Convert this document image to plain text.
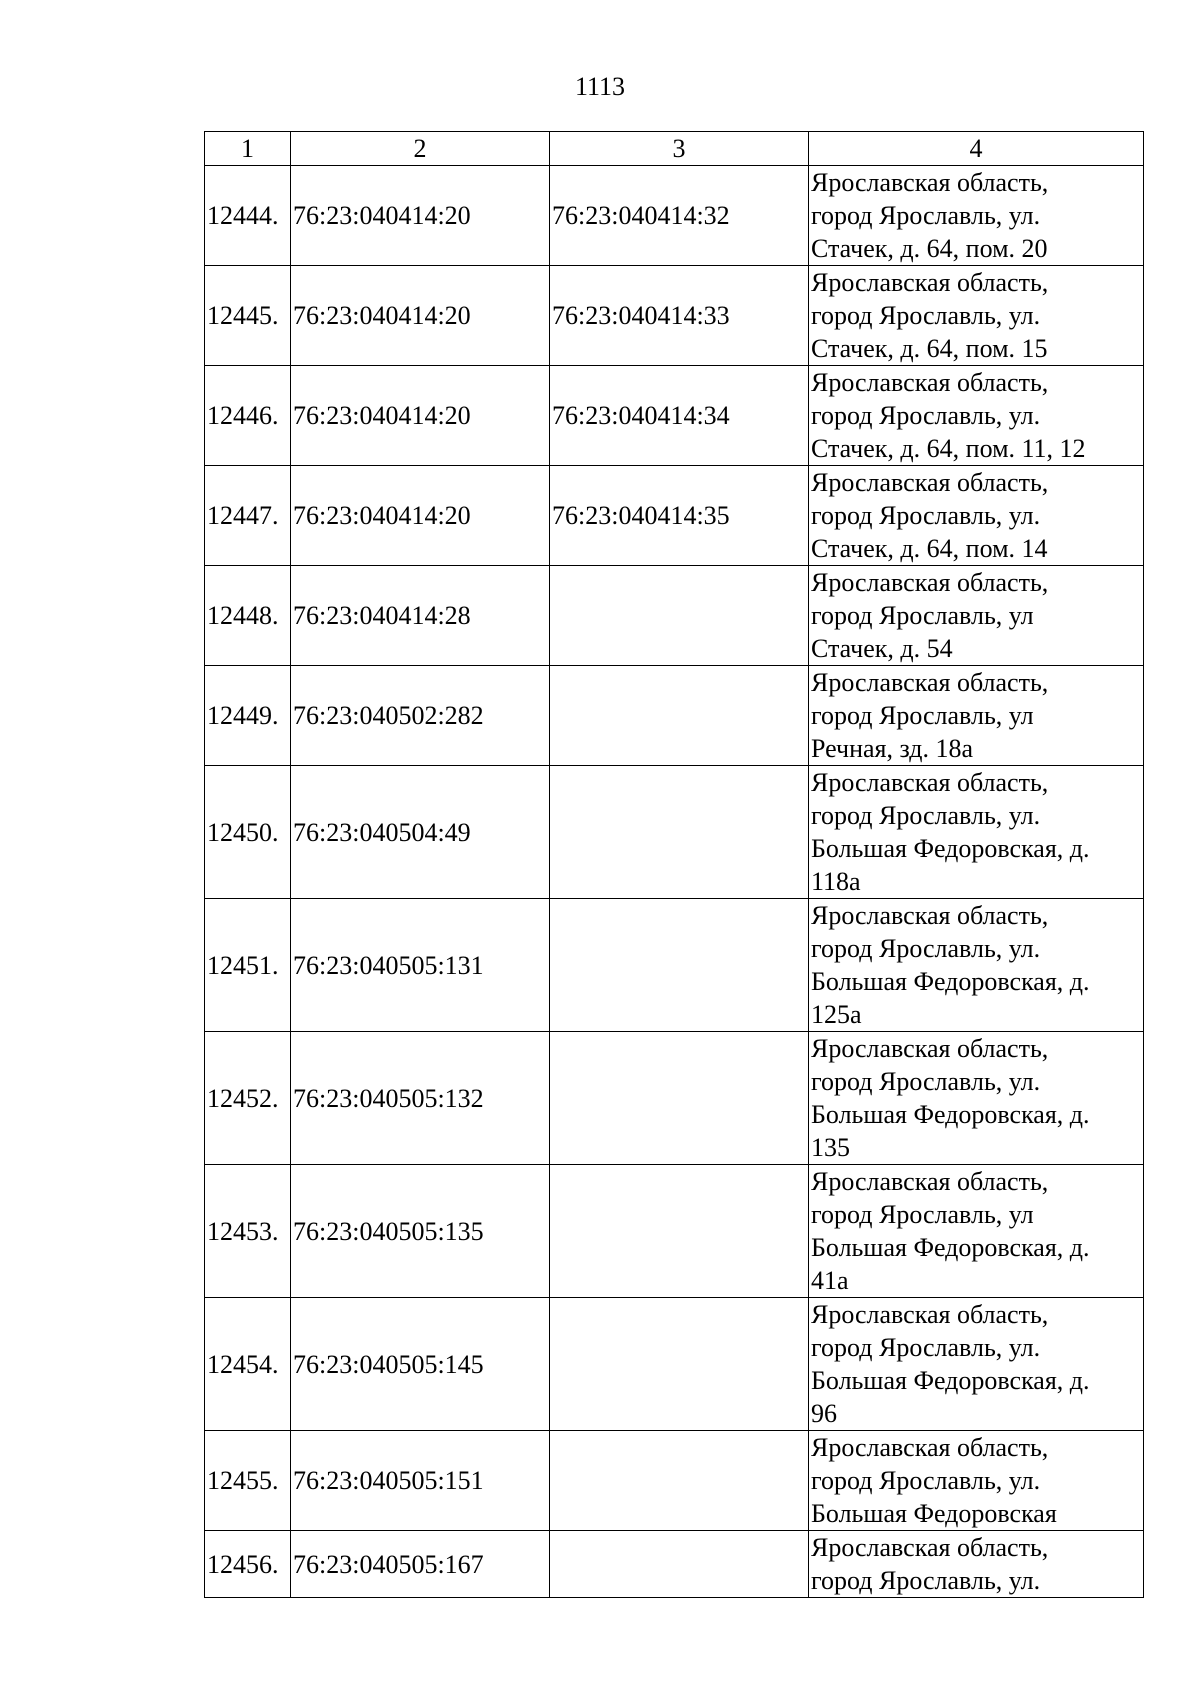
1113
1	2	3	4
12444.	76:23:040414:20	76:23:040414:32	Ярославская область,
город Ярославль, ул.
Стачек, д. 64, пом. 20

12445.	76:23:040414:20	76:23:040414:33	Ярославская область,
город Ярославль, ул.
Стачек, д. 64, пом. 15

12446.	76:23:040414:20	76:23:040414:34	Ярославская область,
город Ярославль, ул.
Стачек, д. 64, пом. 11, 12

12447.	76:23:040414:20	76:23:040414:35	Ярославская область,
город Ярославль, ул.
Стачек, д. 64, пом. 14

12448.	76:23:040414:28		Ярославская область,
город Ярославль, ул
Стачек, д. 54

12449.	76:23:040502:282		Ярославская область,
город Ярославль, ул
Речная, зд. 18а

12450.	76:23:040504:49		Ярославская область,
город Ярославль, ул.
Большая Федоровская, д.
118а

12451.	76:23:040505:131		Ярославская область,
город Ярославль, ул.
Большая Федоровская, д.
125а

12452.	76:23:040505:132		Ярославская область,
город Ярославль, ул.
Большая Федоровская, д.
135

12453.	76:23:040505:135		Ярославская область,
город Ярославль, ул
Большая Федоровская, д.
41а

12454.	76:23:040505:145		Ярославская область,
город Ярославль, ул.
Большая Федоровская, д.
96

12455.	76:23:040505:151		Ярославская область,
город Ярославль, ул.
Большая Федоровская

12456.	76:23:040505:167		Ярославская область,
город Ярославль, ул.
